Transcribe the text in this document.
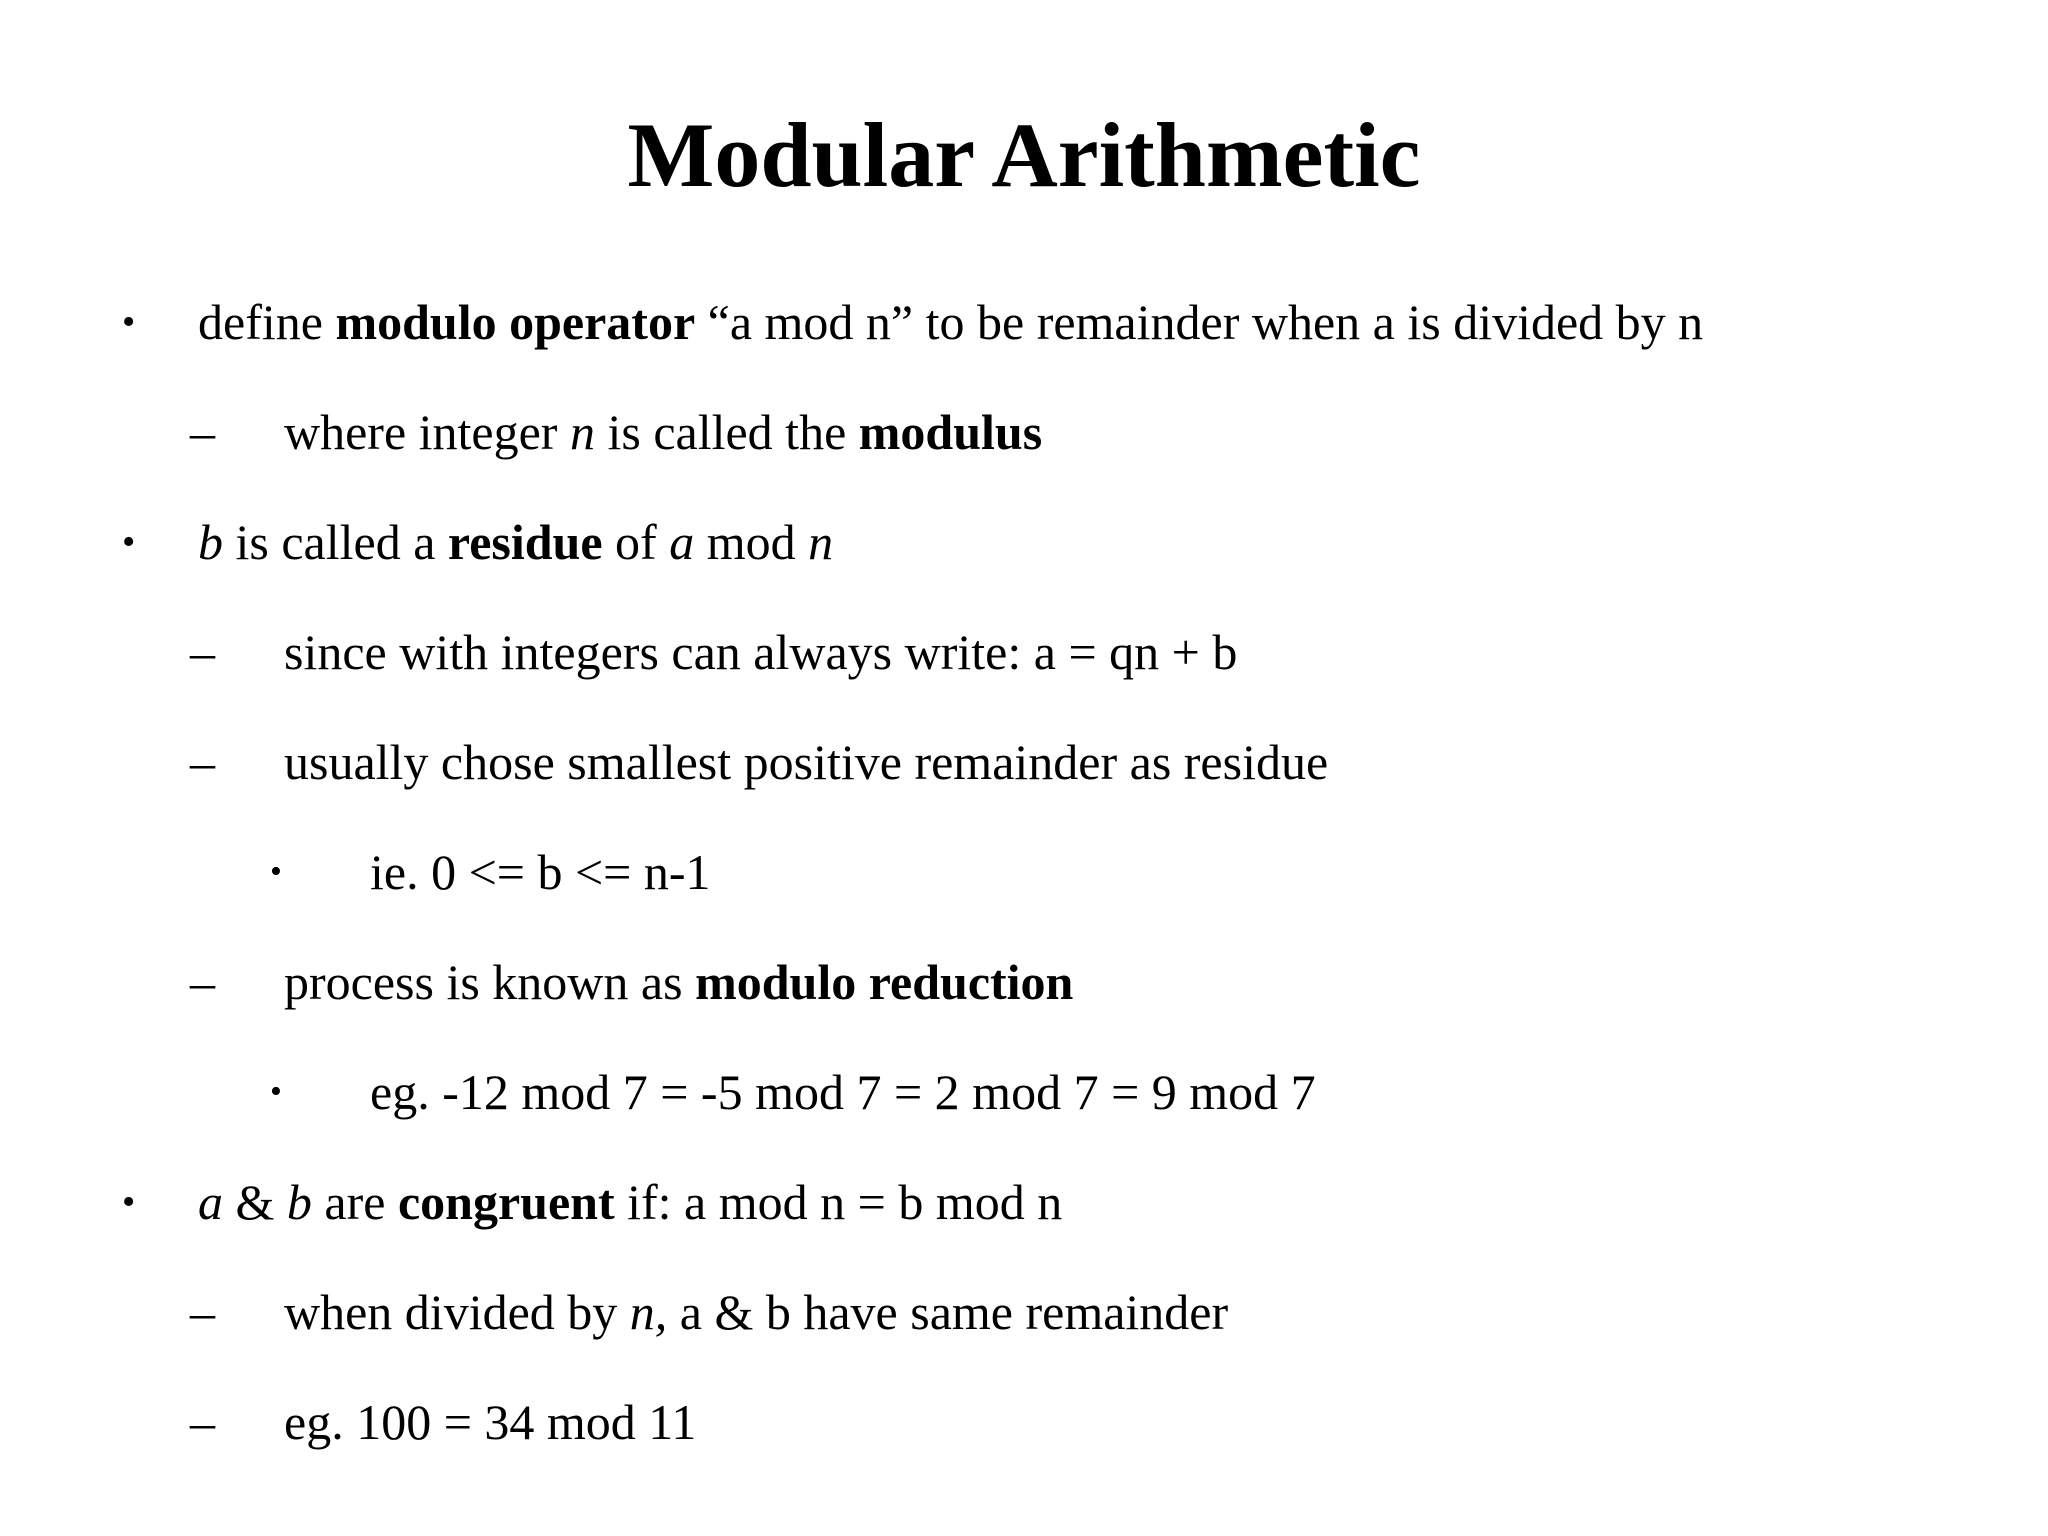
Modular Arithmetic
• define modulo operator “a mod n” to be remainder when a is divided by n
– where integer n is called the modulus
• b is called a residue of a mod n
– since with integers can always write: a = qn + b
– usually chose smallest positive remainder as residue
• ie. 0 <= b <= n-1
– process is known as modulo reduction
• eg. -12 mod 7 = -5 mod 7 = 2 mod 7 = 9 mod 7
• a & b are congruent if: a mod n = b mod n
– when divided by n, a & b have same remainder
– eg. 100 = 34 mod 11
